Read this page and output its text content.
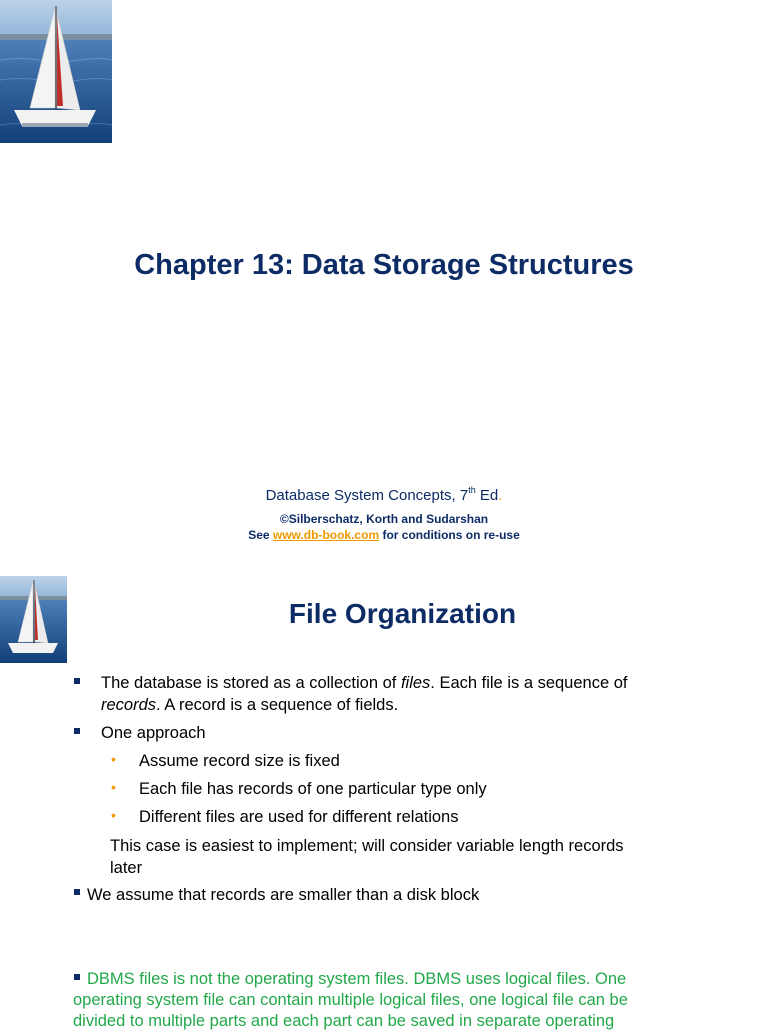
Chapter 13: Data Storage Structures
Database System Concepts, 7th Ed.
©Silberschatz, Korth and Sudarshan
See www.db-book.com for conditions on re-use
File Organization
The database is stored as a collection of files. Each file is a sequence of
records. A record is a sequence of fields.
One approach
• Assume record size is fixed
• Each file has records of one particular type only
• Different files are used for different relations
This case is easiest to implement; will consider variable length records
later
We assume that records are smaller than a disk block
DBMS files is not the operating system files. DBMS uses logical files. One
operating system file can contain multiple logical files, one logical file can be
divided to multiple parts and each part can be saved in separate operating
